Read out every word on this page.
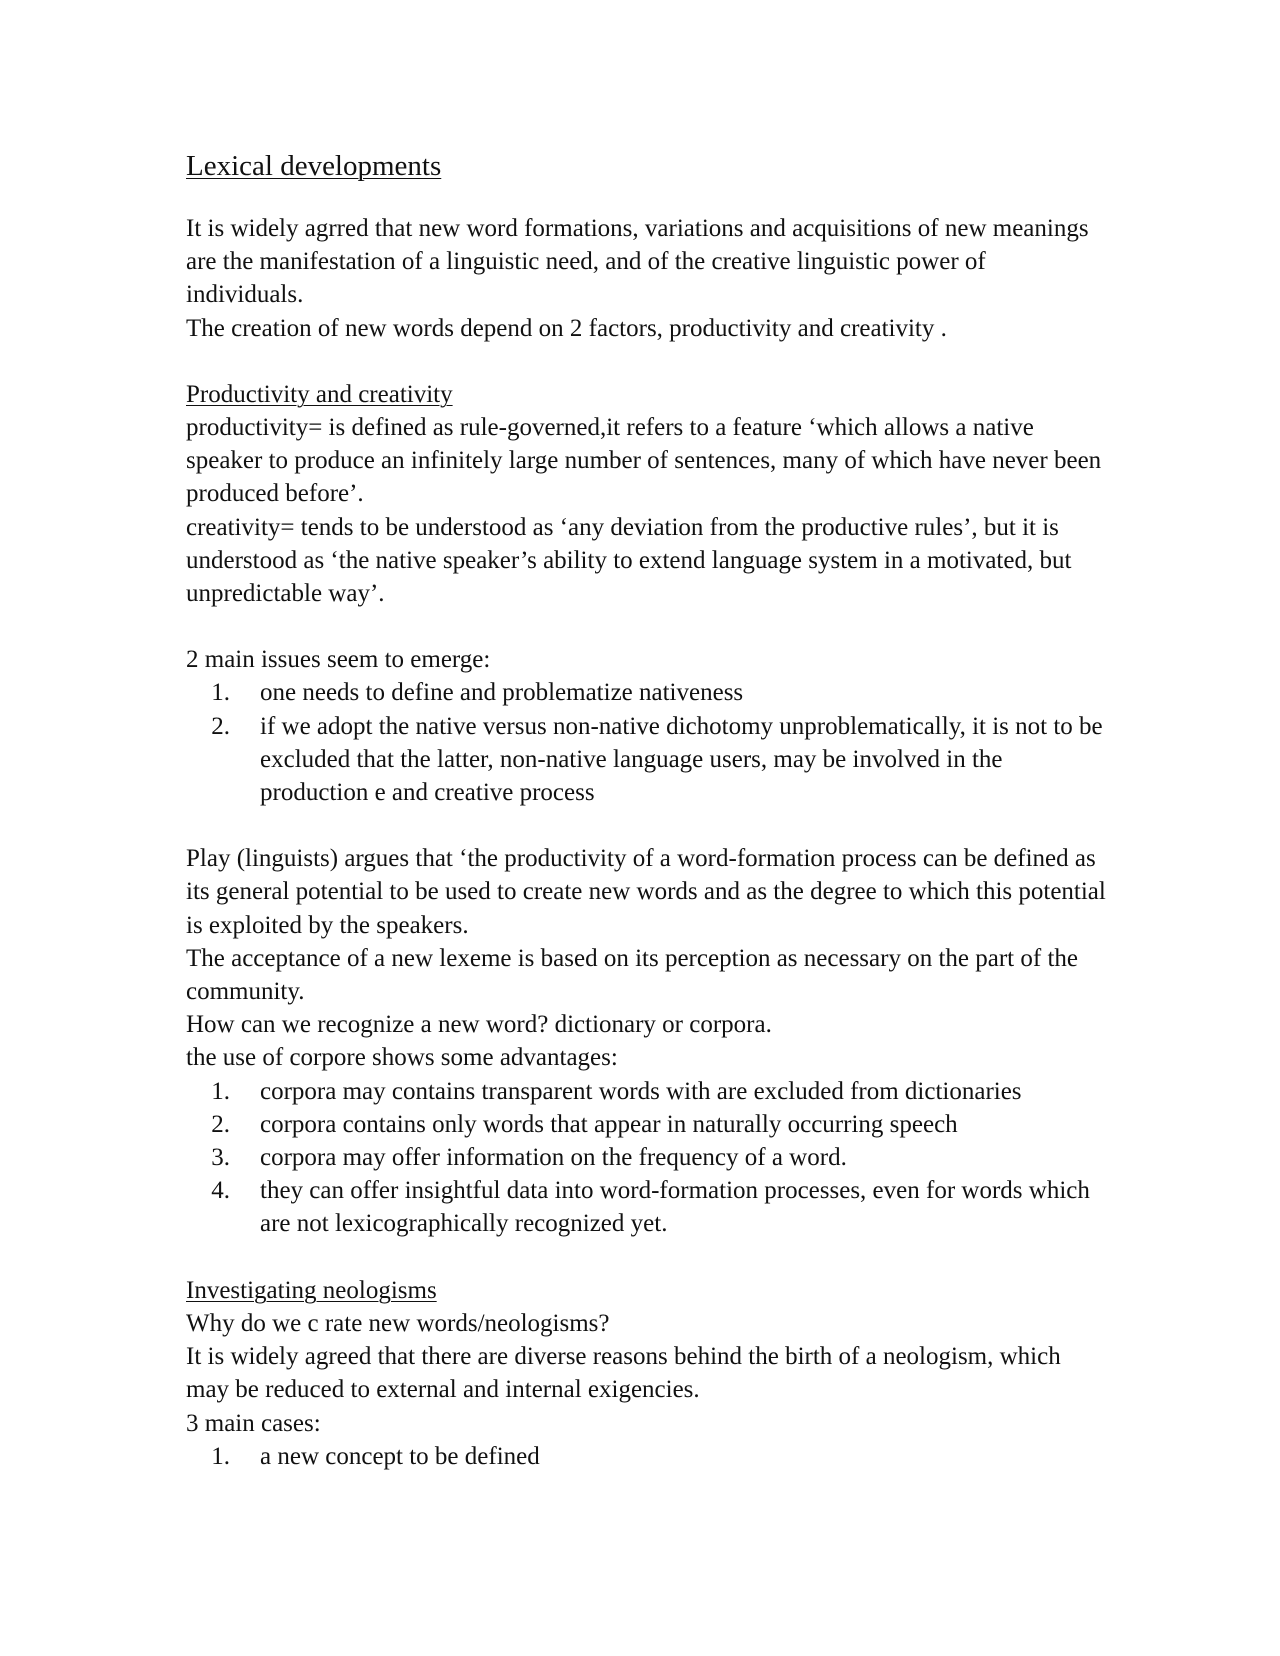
Lexical developments

It is widely agrred that new word formations, variations and acquisitions of new meanings are the manifestation of a linguistic need, and of the creative linguistic power of individuals.

The creation of new words depend on 2 factors, productivity and creativity .

Productivity and creativity

productivity= is defined as rule-governed,it refers to a feature ‘which allows a native speaker to produce an infinitely large number of sentences, many of which have never been produced before’.

creativity= tends to be understood as ‘any deviation from the productive rules’, but it is understood as ‘the native speaker’s ability to extend language system in a motivated, but unpredictable way’.

2 main issues seem to emerge:

1. one needs to define and problematize nativeness
2. if we adopt the native versus non-native dichotomy unproblematically, it is not to be excluded that the latter, non-native language users, may be involved in the production e and creative process

Play (linguists) argues that ‘the productivity of a word-formation process can be defined as its general potential to be used to create new words and as the degree to which this potential is exploited by the speakers.

The acceptance of a new lexeme is based on its perception as necessary on the part of the community.

How can we recognize a new word? dictionary or corpora.

the use of corpore shows some advantages:

1. corpora may contains transparent words with are excluded from dictionaries
2. corpora contains only words that appear in naturally occurring speech
3. corpora may offer information on the frequency of a word.
4. they can offer insightful data into word-formation processes, even for words which are not lexicographically recognized yet.

Investigating neologisms

Why do we c rate new words/neologisms?

It is widely agreed that there are diverse reasons behind the birth of a neologism, which may be reduced to external and internal exigencies.

3 main cases:

1. a new concept to be defined
